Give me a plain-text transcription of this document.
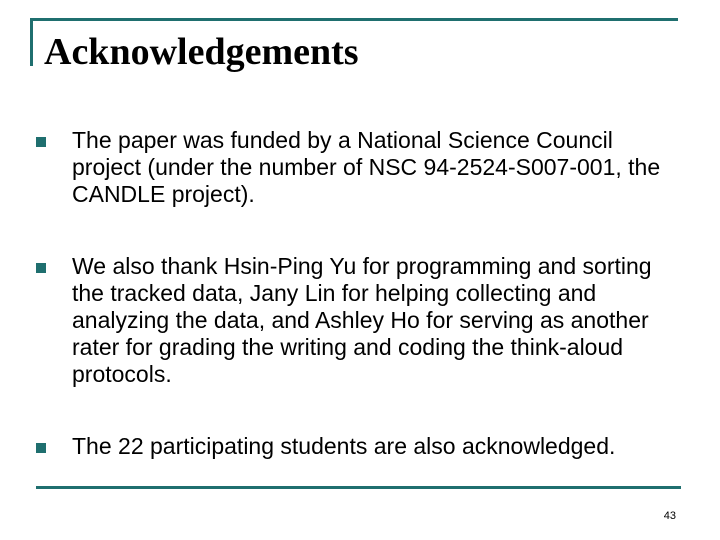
Acknowledgements

The paper was funded by a National Science Council project (under the number of NSC 94-2524-S007-001, the CANDLE project).

We also thank Hsin-Ping Yu for programming and sorting the tracked data, Jany Lin for helping collecting and analyzing the data, and Ashley Ho for serving as another rater for grading the writing and coding the think-aloud protocols.

The 22 participating students are also acknowledged.

43
